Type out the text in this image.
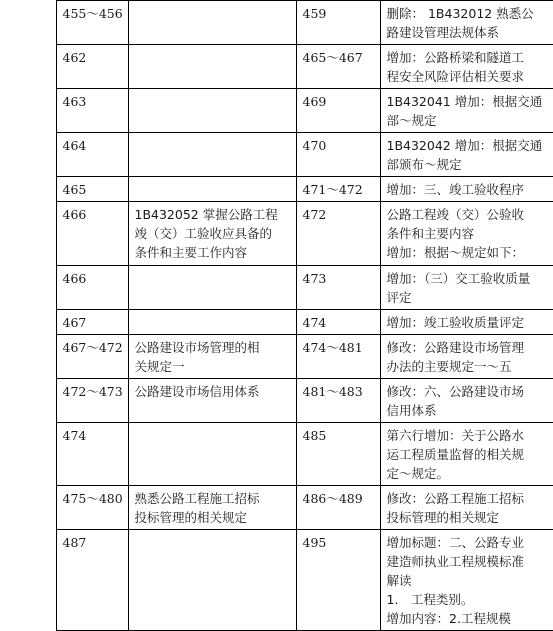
	455～456		459	删除： 1B432012 熟悉公
路建设管理法规体系

	462		465～467	增加：公路桥梁和隧道工
程安全风险评估相关要求

	463		469	1B432041 增加：根据交通
部～规定

	464		470	1B432042 增加：根据交通
部颁布～规定

	465		471～472	增加：三、竣工验收程序

	466	1B432052 掌握公路工程
竣（交）工验收应具备的
条件和主要工作内容	472	公路工程竣（交）公验收
条件和主要内容
增加：根据～规定如下：

	466		473	增加：（三）交工验收质量
评定

	467		474	增加：竣工验收质量评定

	467～472	公路建设市场管理的相
关规定一	474～481	修改：公路建设市场管理
办法的主要规定一～五

	472～473	公路建设市场信用体系	481～483	修改：六、公路建设市场
信用体系

	474		485	第六行增加：关于公路水
运工程质量监督的相关规
定～规定。

	475～480	熟悉公路工程施工招标
投标管理的相关规定	486～489	修改：公路工程施工招标
投标管理的相关规定

	487		495	增加标题：二、公路专业
建造师执业工程规模标准
解读
1.　工程类别。
增加内容：2.工程规模
